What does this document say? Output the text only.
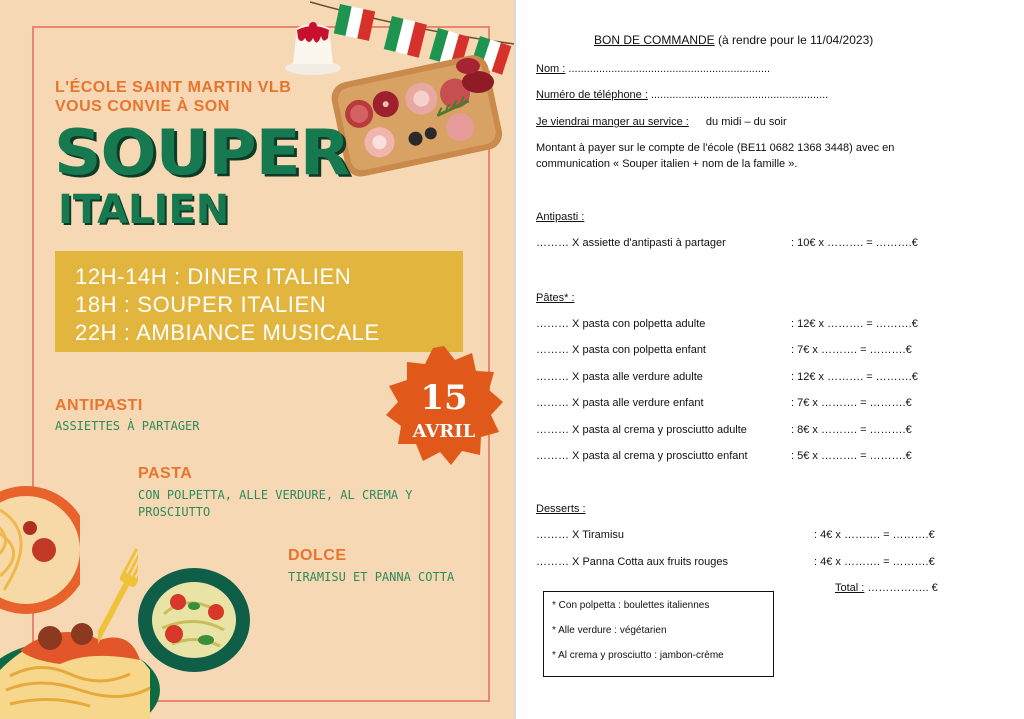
L'ÉCOLE SAINT MARTIN VLB
VOUS CONVIE À SON
SOUPER
ITALIEN
12H-14H : DINER ITALIEN
18H : SOUPER ITALIEN
22H : AMBIANCE MUSICALE
15
AVRIL
ANTIPASTI
ASSIETTES À PARTAGER
PASTA
CON POLPETTA, ALLE VERDURE, AL CREMA Y
PROSCIUTTO
DOLCE
TIRAMISU ET PANNA COTTA
BON DE COMMANDE (à rendre pour le 11/04/2023)
Nom : ..................................................................
Numéro de téléphone : ..........................................................
Je viendrai manger au service : du midi – du soir
Montant à payer sur le compte de l'école (BE11 0682 1368 3448) avec en
communication « Souper italien + nom de la famille ».
Antipasti :
……… X assiette d'antipasti à partager	: 10€ x ………. = ……….€
Pâtes* :
……… X pasta con polpetta adulte	: 12€ x ………. = ……….€
……… X pasta con polpetta enfant	: 7€ x ………. = ……….€
……… X pasta alle verdure adulte	: 12€ x ………. = ……….€
……… X pasta alle verdure enfant	: 7€ x ………. = ……….€
……… X pasta al crema y prosciutto adulte	: 8€ x ………. = ……….€
……… X pasta al crema y prosciutto enfant	: 5€ x ………. = ……….€
Desserts :
……… X Tiramisu	: 4€ x ………. = ……….€
……… X Panna Cotta aux fruits rouges	: 4€ x ………. = ……….€
Total : …………….. €
* Con polpetta : boulettes italiennes
* Alle verdure : végétarien
* Al crema y prosciutto : jambon-crème
